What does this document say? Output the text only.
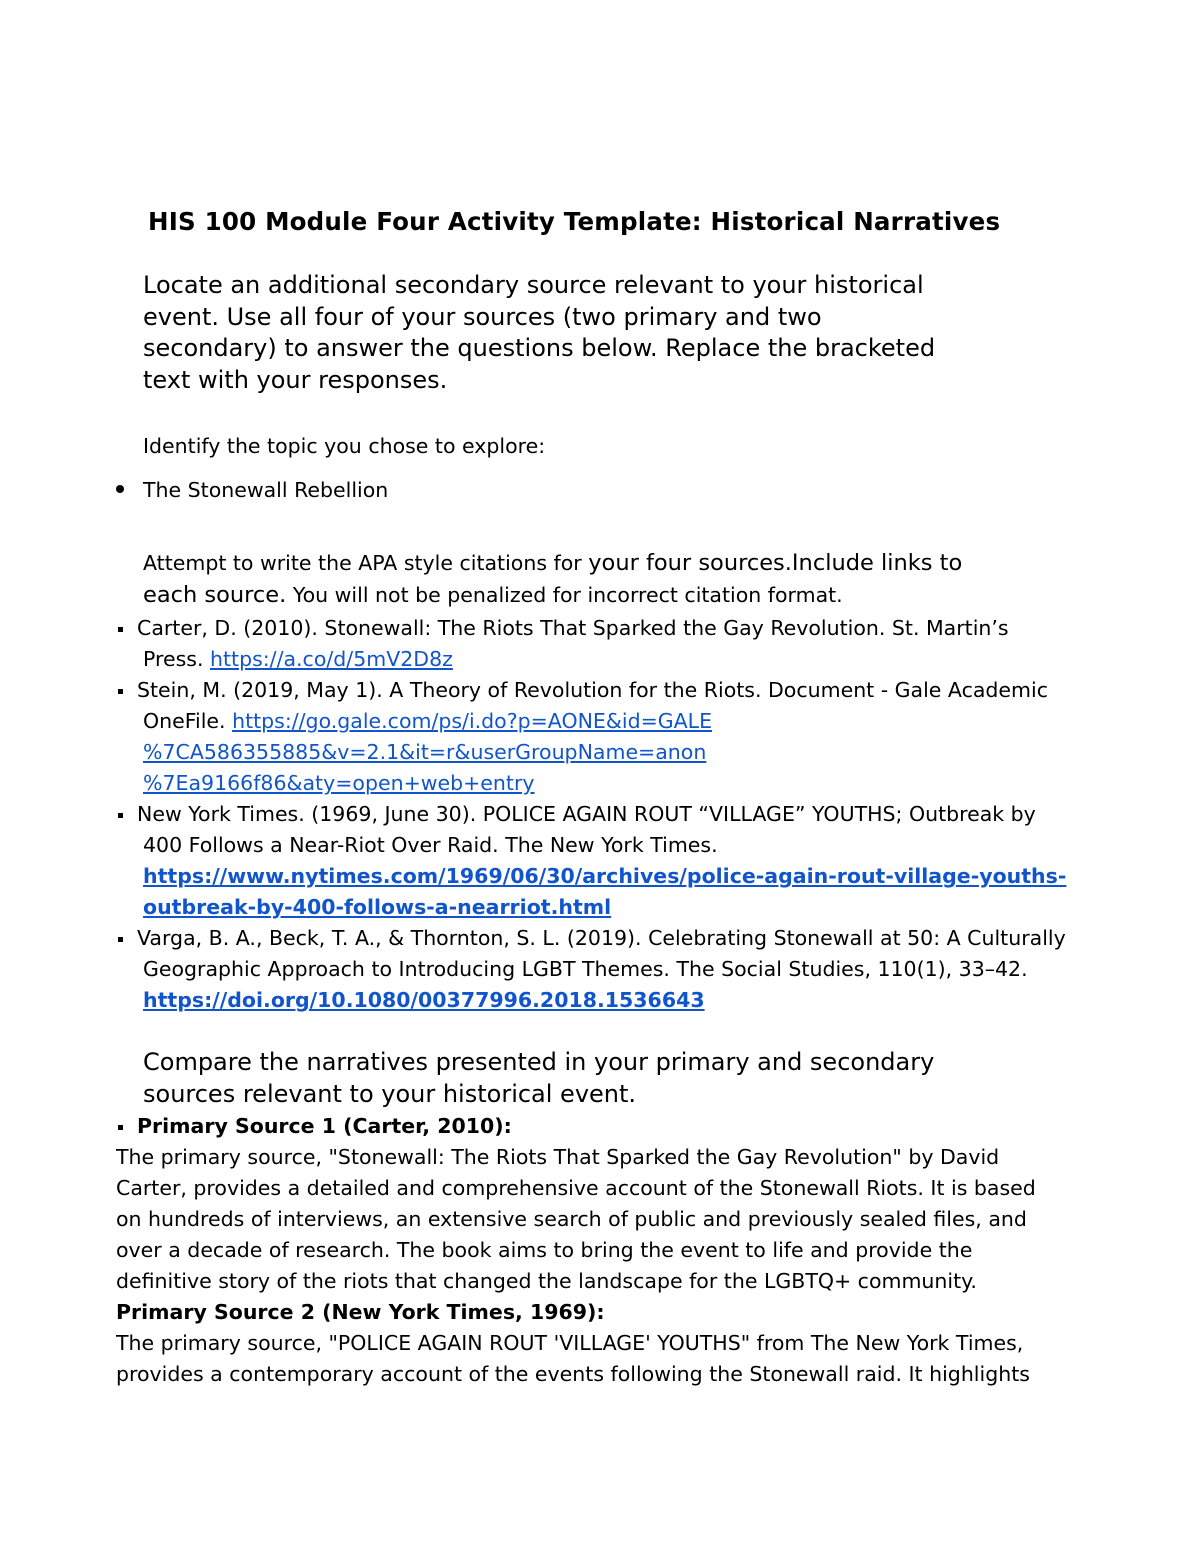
HIS 100 Module Four Activity Template: Historical Narratives
Locate an additional secondary source relevant to your historical
event. Use all four of your sources (two primary and two
secondary) to answer the questions below. Replace the bracketed
text with your responses.
Identify the topic you chose to explore:
The Stonewall Rebellion
Attempt to write the APA style citations for your four sources.Include links to
each source. You will not be penalized for incorrect citation format.
Carter, D. (2010). Stonewall: The Riots That Sparked the Gay Revolution. St. Martin’s
Press. https://a.co/d/5mV2D8z
Stein, M. (2019, May 1). A Theory of Revolution for the Riots. Document - Gale Academic
OneFile. https://go.gale.com/ps/i.do?p=AONE&id=GALE
%7CA586355885&v=2.1&it=r&userGroupName=anon
%7Ea9166f86&aty=open+web+entry
New York Times. (1969, June 30). POLICE AGAIN ROUT “VILLAGE” YOUTHS; Outbreak by
400 Follows a Near-Riot Over Raid. The New York Times.
https://www.nytimes.com/1969/06/30/archives/police-again-rout-village-youths-
outbreak-by-400-follows-a-nearriot.html
Varga, B. A., Beck, T. A., & Thornton, S. L. (2019). Celebrating Stonewall at 50: A Culturally
Geographic Approach to Introducing LGBT Themes. The Social Studies, 110(1), 33–42.
https://doi.org/10.1080/00377996.2018.1536643
Compare the narratives presented in your primary and secondary
sources relevant to your historical event.
Primary Source 1 (Carter, 2010):
The primary source, "Stonewall: The Riots That Sparked the Gay Revolution" by David
Carter, provides a detailed and comprehensive account of the Stonewall Riots. It is based
on hundreds of interviews, an extensive search of public and previously sealed files, and
over a decade of research. The book aims to bring the event to life and provide the
definitive story of the riots that changed the landscape for the LGBTQ+ community.
Primary Source 2 (New York Times, 1969):
The primary source, "POLICE AGAIN ROUT 'VILLAGE' YOUTHS" from The New York Times,
provides a contemporary account of the events following the Stonewall raid. It highlights
